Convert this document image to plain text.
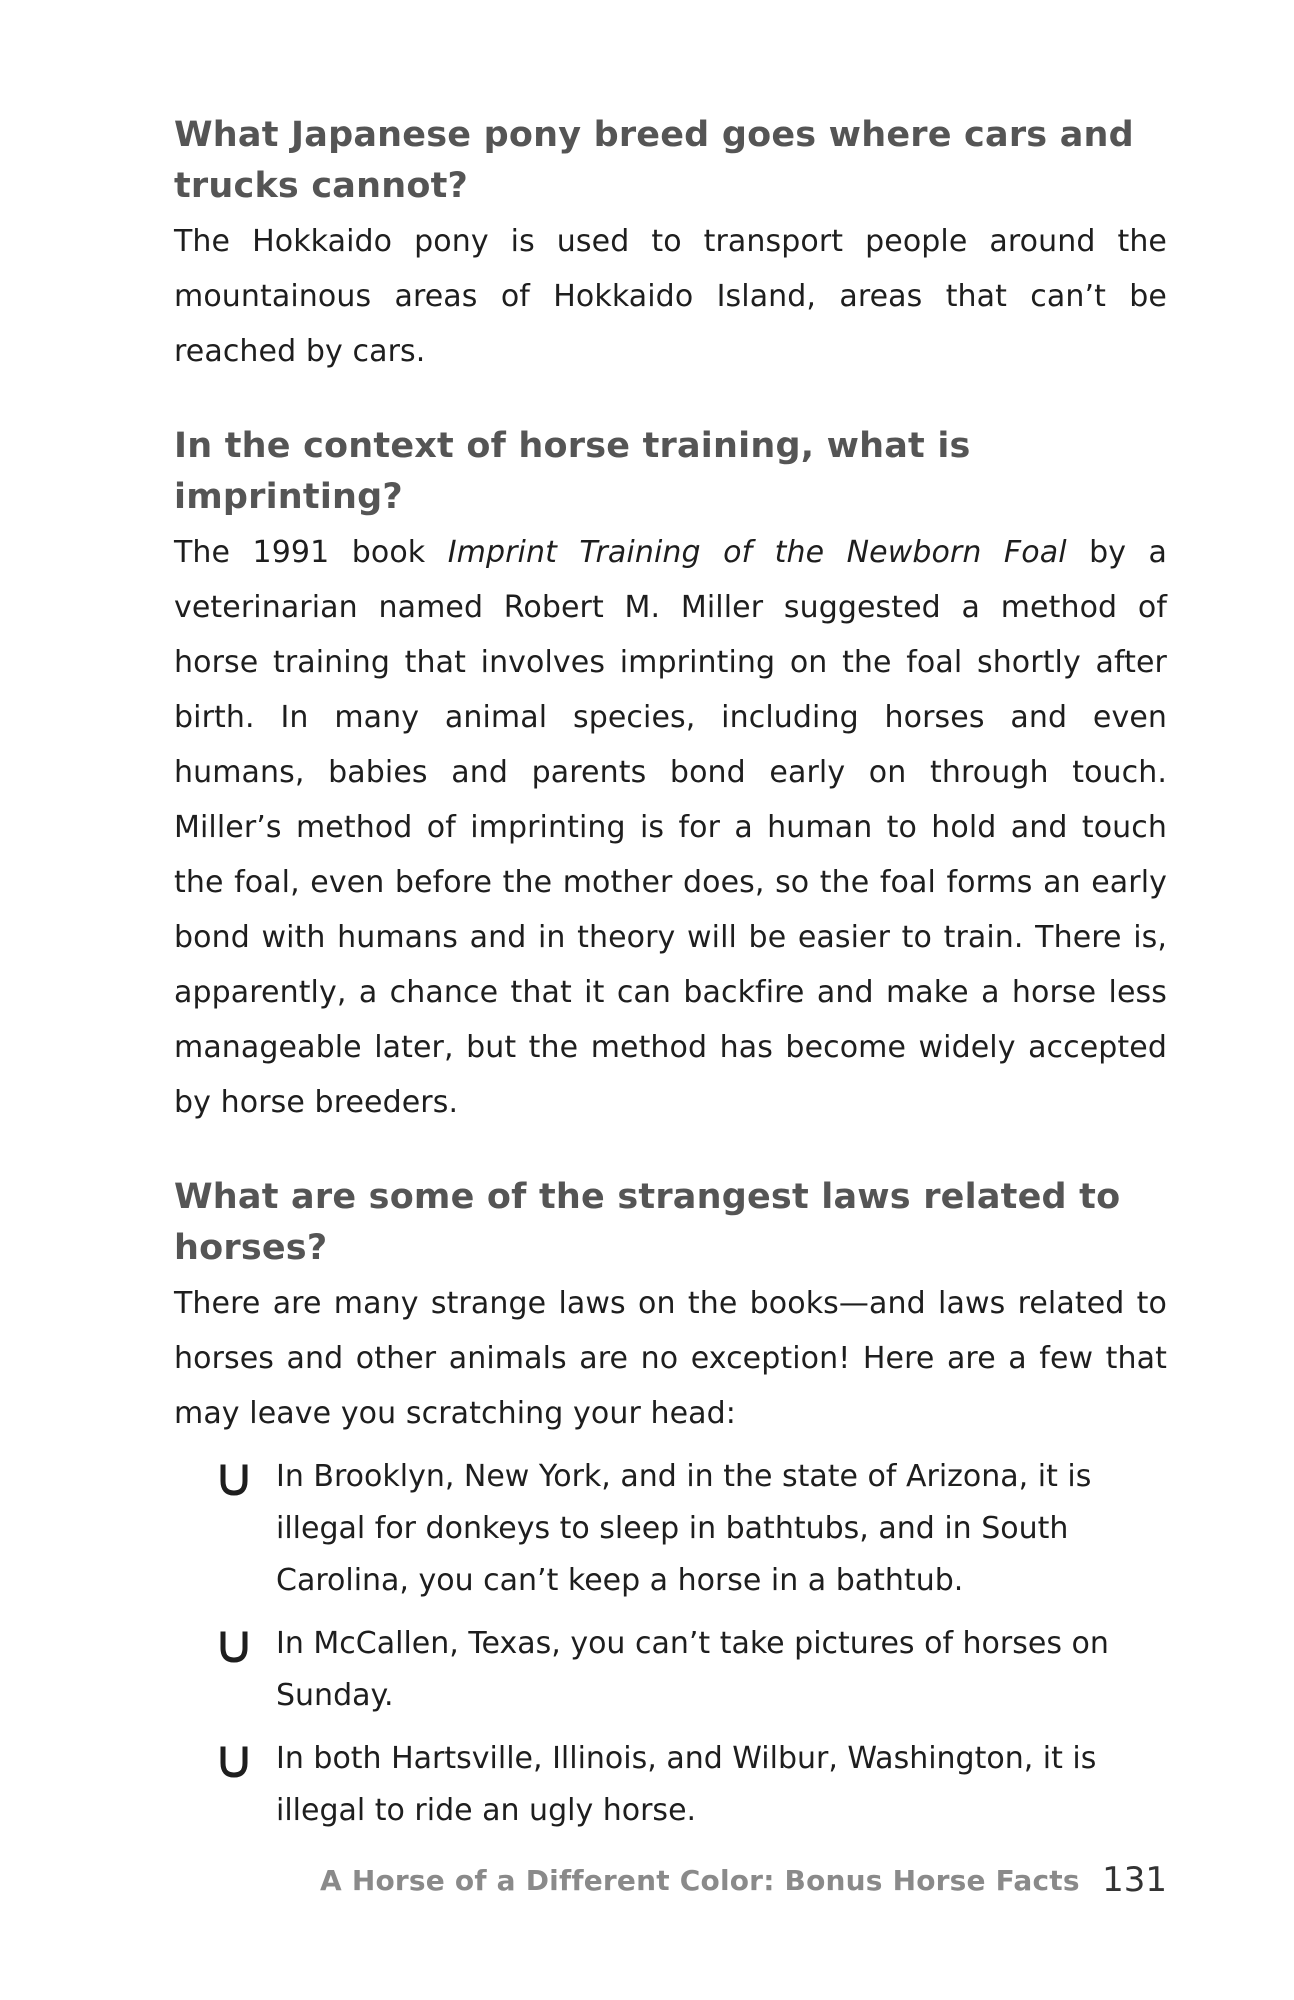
What Japanese pony breed goes where cars and trucks cannot?

The Hokkaido pony is used to transport people around the mountainous areas of Hokkaido Island, areas that can’t be reached by cars.

In the context of horse training, what is imprinting?

The 1991 book Imprint Training of the Newborn Foal by a veterinarian named Robert M. Miller suggested a method of horse training that involves imprinting on the foal shortly after birth. In many animal species, including horses and even humans, babies and parents bond early on through touch. Miller’s method of imprinting is for a human to hold and touch the foal, even before the mother does, so the foal forms an early bond with humans and in theory will be easier to train. There is, apparently, a chance that it can backfire and make a horse less manageable later, but the method has become widely accepted by horse breeders.

What are some of the strangest laws related to horses?

There are many strange laws on the books—and laws related to horses and other animals are no exception! Here are a few that may leave you scratching your head:

In Brooklyn, New York, and in the state of Arizona, it is illegal for donkeys to sleep in bathtubs, and in South Carolina, you can’t keep a horse in a bathtub.
In McCallen, Texas, you can’t take pictures of horses on Sunday.
In both Hartsville, Illinois, and Wilbur, Washington, it is illegal to ride an ugly horse.
A Horse of a Different Color: Bonus Horse Facts 131
